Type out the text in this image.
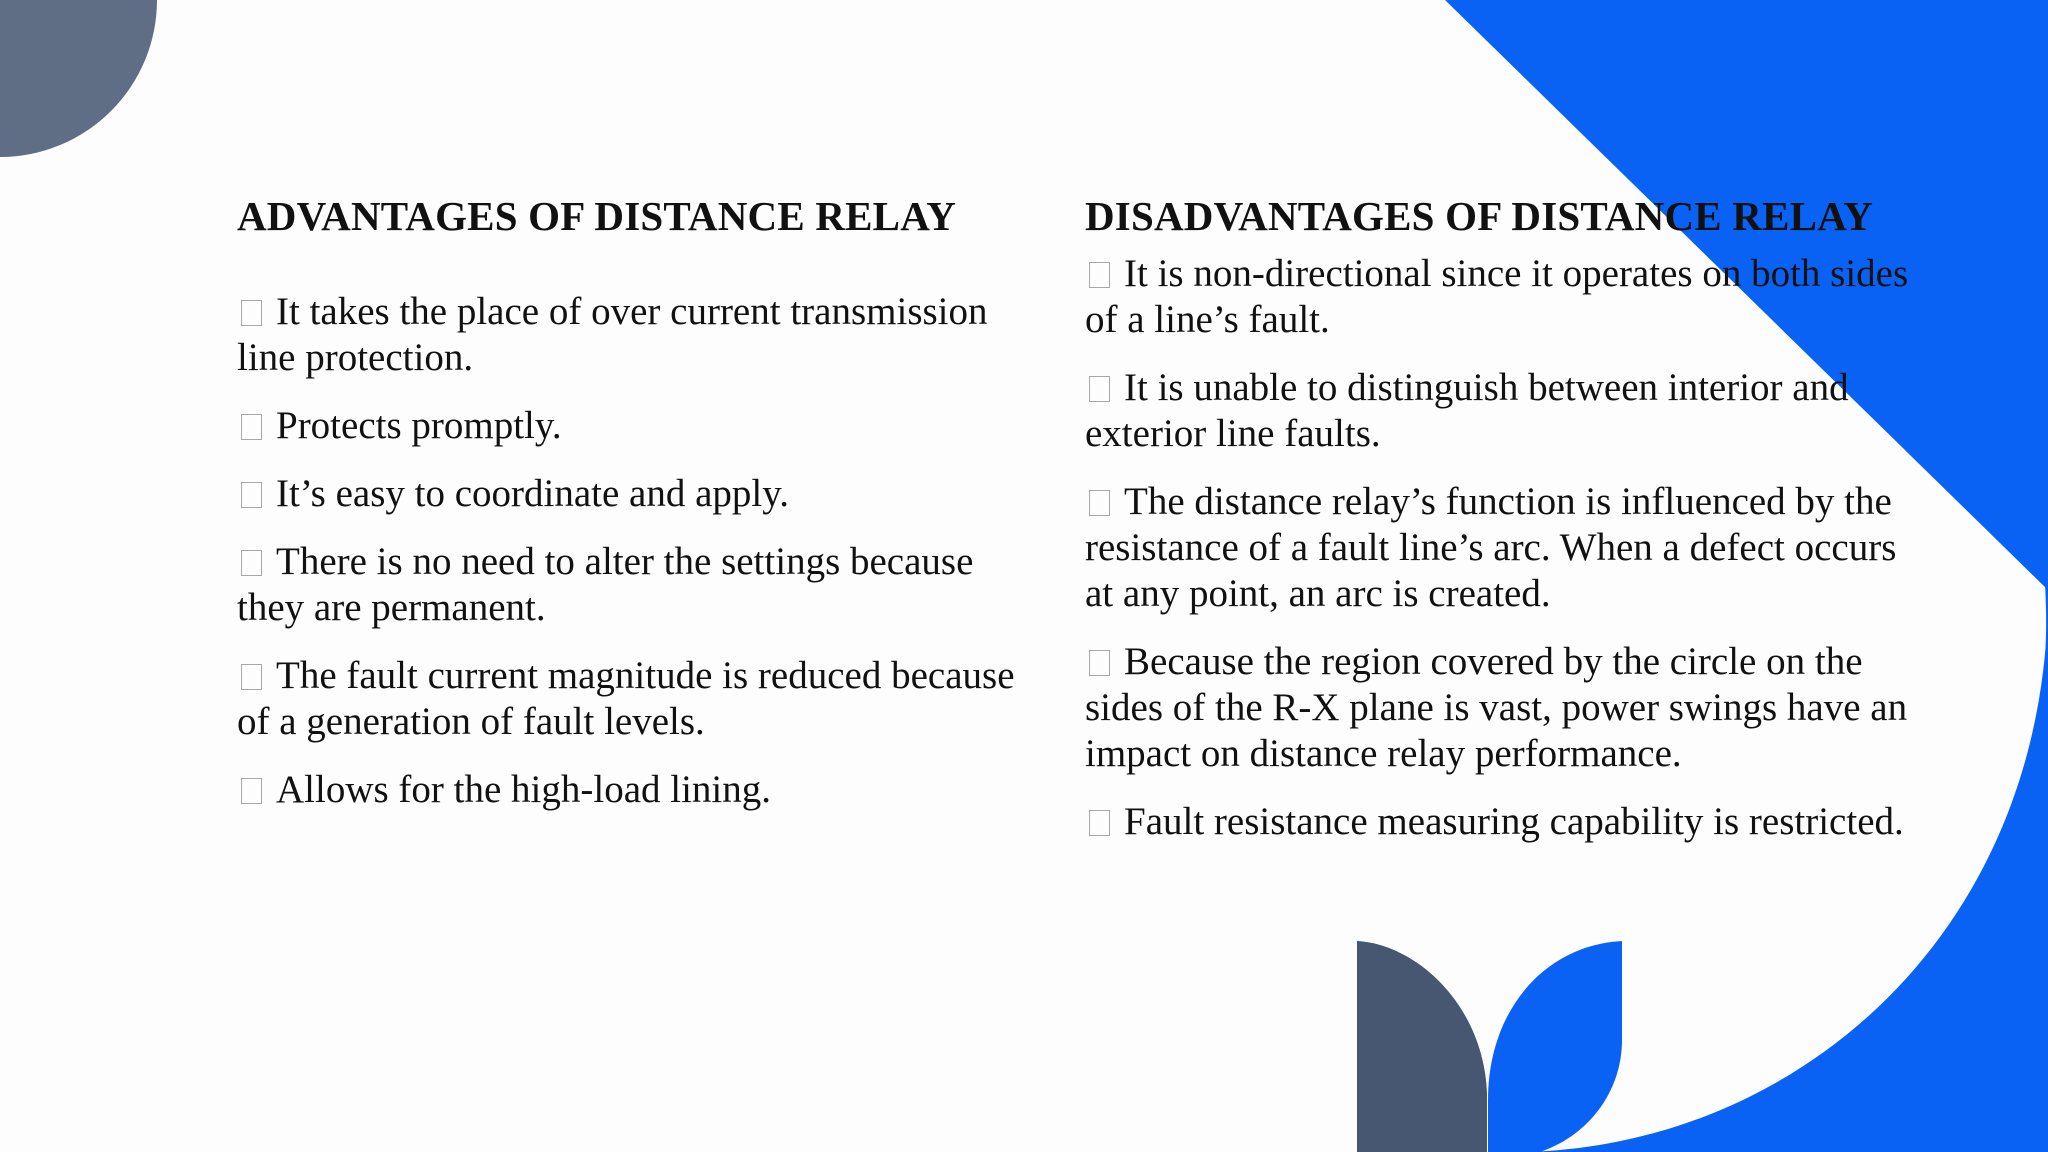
ADVANTAGES OF DISTANCE RELAY
It takes the place of over current transmission line protection.
Protects promptly.
It’s easy to coordinate and apply.
There is no need to alter the settings because they are permanent.
The fault current magnitude is reduced because of a generation of fault levels.
Allows for the high-load lining.
DISADVANTAGES OF DISTANCE RELAY
It is non-directional since it operates on both sides of a line’s fault.
It is unable to distinguish between interior and exterior line faults.
The distance relay’s function is influenced by the resistance of a fault line’s arc. When a defect occurs at any point, an arc is created.
Because the region covered by the circle on the sides of the R-X plane is vast, power swings have an impact on distance relay performance.
Fault resistance measuring capability is restricted.
